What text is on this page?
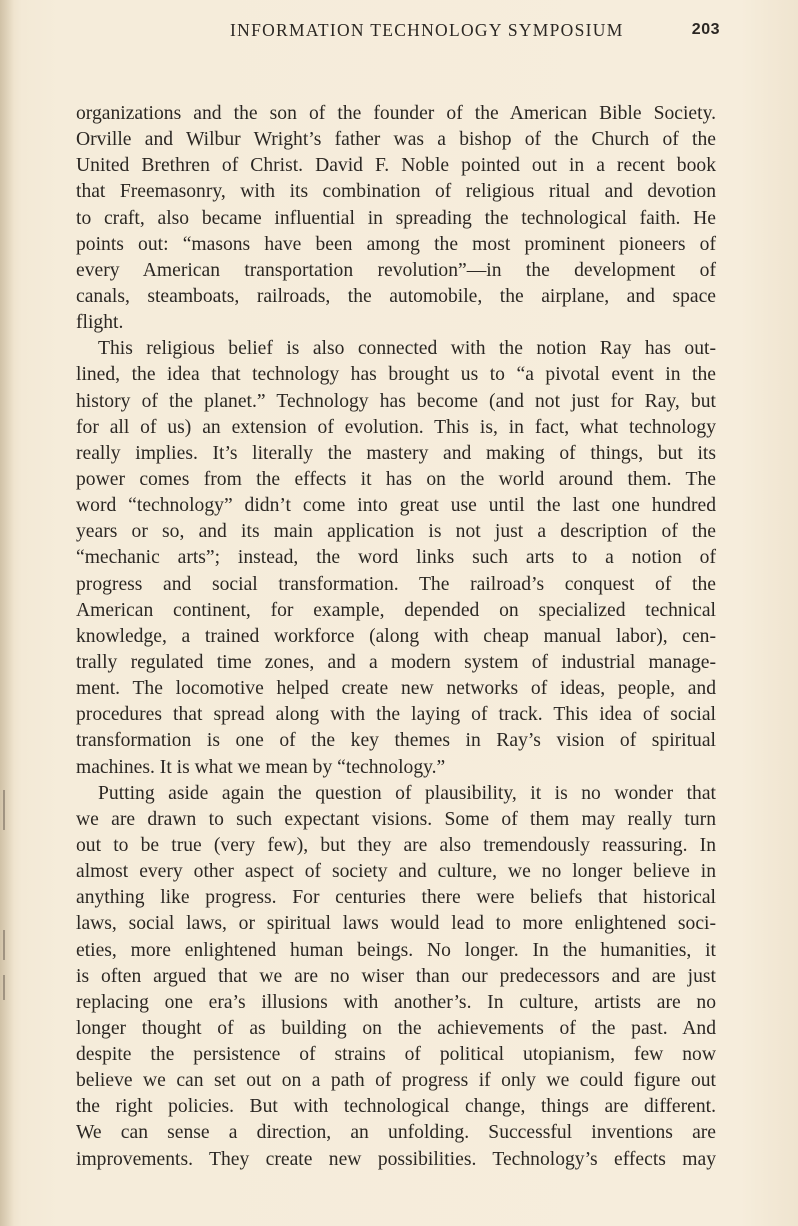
INFORMATION TECHNOLOGY SYMPOSIUM	203
organizations and the son of the founder of the American Bible Society.
Orville and Wilbur Wright’s father was a bishop of the Church of the
United Brethren of Christ. David F. Noble pointed out in a recent book
that Freemasonry, with its combination of religious ritual and devotion
to craft, also became influential in spreading the technological faith. He
points out: “masons have been among the most prominent pioneers of
every American transportation revolution”—in the development of
canals, steamboats, railroads, the automobile, the airplane, and space
flight.
This religious belief is also connected with the notion Ray has out-
lined, the idea that technology has brought us to “a pivotal event in the
history of the planet.” Technology has become (and not just for Ray, but
for all of us) an extension of evolution. This is, in fact, what technology
really implies. It’s literally the mastery and making of things, but its
power comes from the effects it has on the world around them. The
word “technology” didn’t come into great use until the last one hundred
years or so, and its main application is not just a description of the
“mechanic arts”; instead, the word links such arts to a notion of
progress and social transformation. The railroad’s conquest of the
American continent, for example, depended on specialized technical
knowledge, a trained workforce (along with cheap manual labor), cen-
trally regulated time zones, and a modern system of industrial manage-
ment. The locomotive helped create new networks of ideas, people, and
procedures that spread along with the laying of track. This idea of social
transformation is one of the key themes in Ray’s vision of spiritual
machines. It is what we mean by “technology.”
Putting aside again the question of plausibility, it is no wonder that
we are drawn to such expectant visions. Some of them may really turn
out to be true (very few), but they are also tremendously reassuring. In
almost every other aspect of society and culture, we no longer believe in
anything like progress. For centuries there were beliefs that historical
laws, social laws, or spiritual laws would lead to more enlightened soci-
eties, more enlightened human beings. No longer. In the humanities, it
is often argued that we are no wiser than our predecessors and are just
replacing one era’s illusions with another’s. In culture, artists are no
longer thought of as building on the achievements of the past. And
despite the persistence of strains of political utopianism, few now
believe we can set out on a path of progress if only we could figure out
the right policies. But with technological change, things are different.
We can sense a direction, an unfolding. Successful inventions are
improvements. They create new possibilities. Technology’s effects may
